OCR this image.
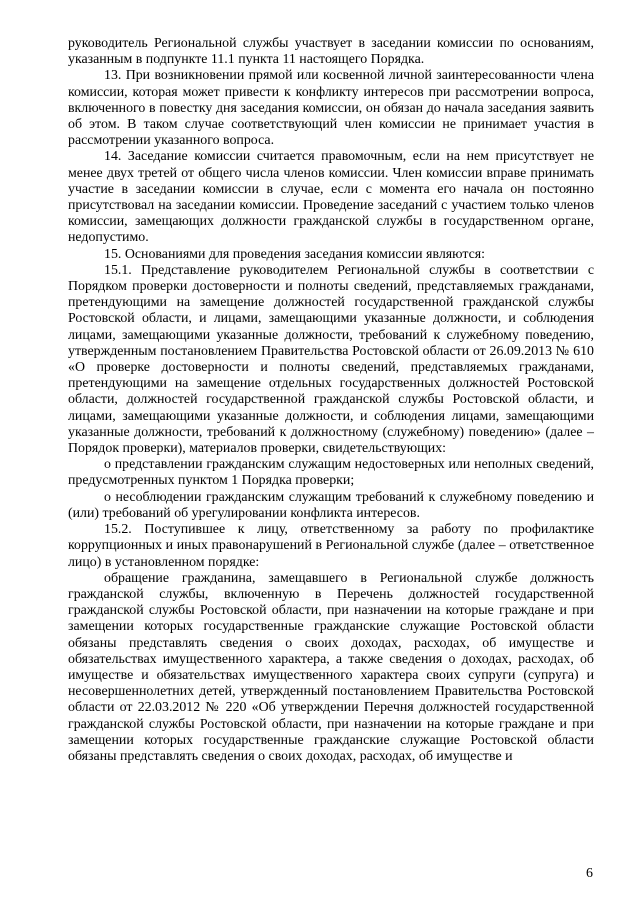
руководитель Региональной службы участвует в заседании комиссии по основаниям, указанным в подпункте 11.1 пункта 11 настоящего Порядка.

13. При возникновении прямой или косвенной личной заинтересованности члена комиссии, которая может привести к конфликту интересов при рассмотрении вопроса, включенного в повестку дня заседания комиссии, он обязан до начала заседания заявить об этом. В таком случае соответствующий член комиссии не принимает участия в рассмотрении указанного вопроса.

14. Заседание комиссии считается правомочным, если на нем присутствует не менее двух третей от общего числа членов комиссии. Член комиссии вправе принимать участие в заседании комиссии в случае, если с момента его начала он постоянно присутствовал на заседании комиссии. Проведение заседаний с участием только членов комиссии, замещающих должности гражданской службы в государственном органе, недопустимо.

15. Основаниями для проведения заседания комиссии являются:

15.1. Представление руководителем Региональной службы в соответствии с Порядком проверки достоверности и полноты сведений, представляемых гражданами, претендующими на замещение должностей государственной гражданской службы Ростовской области, и лицами, замещающими указанные должности, и соблюдения лицами, замещающими указанные должности, требований к служебному поведению, утвержденным постановлением Правительства Ростовской области от 26.09.2013 № 610 «О проверке достоверности и полноты сведений, представляемых гражданами, претендующими на замещение отдельных государственных должностей Ростовской области, должностей государственной гражданской службы Ростовской области, и лицами, замещающими указанные должности, и соблюдения лицами, замещающими указанные должности, требований к должностному (служебному) поведению» (далее – Порядок проверки), материалов проверки, свидетельствующих:

о представлении гражданским служащим недостоверных или неполных сведений, предусмотренных пунктом 1 Порядка проверки;

о несоблюдении гражданским служащим требований к служебному поведению и (или) требований об урегулировании конфликта интересов.

15.2. Поступившее к лицу, ответственному за работу по профилактике коррупционных и иных правонарушений в Региональной службе (далее – ответственное лицо) в установленном порядке:

обращение гражданина, замещавшего в Региональной службе должность гражданской службы, включенную в Перечень должностей государственной гражданской службы Ростовской области, при назначении на которые граждане и при замещении которых государственные гражданские служащие Ростовской области обязаны представлять сведения о своих доходах, расходах, об имуществе и обязательствах имущественного характера, а также сведения о доходах, расходах, об имуществе и обязательствах имущественного характера своих супруги (супруга) и несовершеннолетних детей, утвержденный постановлением Правительства Ростовской области от 22.03.2012 № 220 «Об утверждении Перечня должностей государственной гражданской службы Ростовской области, при назначении на которые граждане и при замещении которых государственные гражданские служащие Ростовской области обязаны представлять сведения о своих доходах, расходах, об имуществе и

6
